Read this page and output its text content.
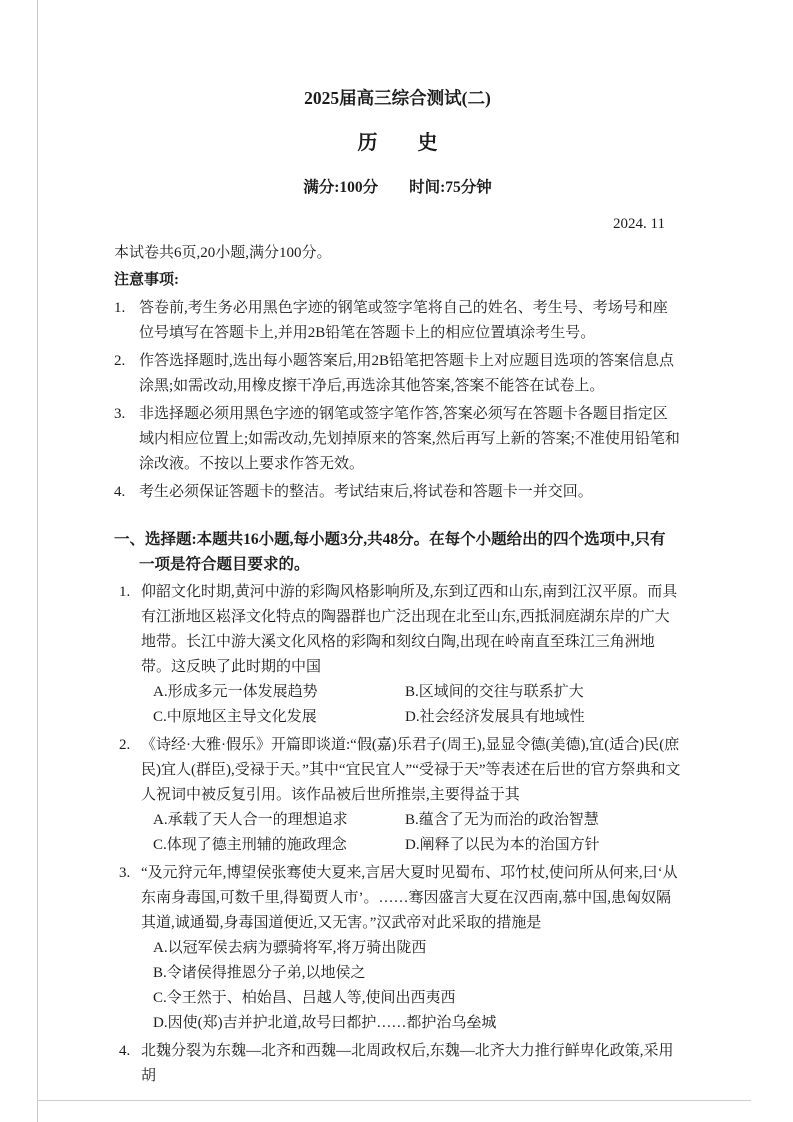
2025届高三综合测试(二)
历　　史
满分:100分　　时间:75分钟
2024. 11

本试卷共6页,20小题,满分100分。

注意事项:
1. 答卷前,考生务必用黑色字迹的钢笔或签字笔将自己的姓名、考生号、考场号和座位号填写在答题卡上,并用2B铅笔在答题卡上的相应位置填涂考生号。
2. 作答选择题时,选出每小题答案后,用2B铅笔把答题卡上对应题目选项的答案信息点涂黑;如需改动,用橡皮擦干净后,再选涂其他答案,答案不能答在试卷上。
3. 非选择题必须用黑色字迹的钢笔或签字笔作答,答案必须写在答题卡各题目指定区域内相应位置上;如需改动,先划掉原来的答案,然后再写上新的答案;不准使用铅笔和涂改液。不按以上要求作答无效。
4. 考生必须保证答题卡的整洁。考试结束后,将试卷和答题卡一并交回。
一、选择题:本题共16小题,每小题3分,共48分。在每个小题给出的四个选项中,只有一项是符合题目要求的。
1. 仰韶文化时期,黄河中游的彩陶风格影响所及,东到辽西和山东,南到江汉平原。而具有江浙地区崧泽文化特点的陶器群也广泛出现在北至山东,西抵洞庭湖东岸的广大地带。长江中游大溪文化风格的彩陶和刻纹白陶,出现在岭南直至珠江三角洲地带。这反映了此时期的中国
A.形成多元一体发展趋势	B.区域间的交往与联系扩大
C.中原地区主导文化发展	D.社会经济发展具有地域性
2. 《诗经·大雅·假乐》开篇即谈道:“假(嘉)乐君子(周王),显显令德(美德),宜(适合)民(庶民)宜人(群臣),受禄于天。”其中“宜民宜人”“受禄于天”等表述在后世的官方祭典和文人祝词中被反复引用。该作品被后世所推崇,主要得益于其
A.承载了天人合一的理想追求	B.蕴含了无为而治的政治智慧
C.体现了德主刑辅的施政理念	D.阐释了以民为本的治国方针
3. “及元狩元年,博望侯张骞使大夏来,言居大夏时见蜀布、邛竹杖,使问所从何来,曰‘从东南身毒国,可数千里,得蜀贾人市’。……骞因盛言大夏在汉西南,慕中国,患匈奴隔其道,诚通蜀,身毒国道便近,又无害。”汉武帝对此采取的措施是
A.以冠军侯去病为骠骑将军,将万骑出陇西
B.令诸侯得推恩分子弟,以地侯之
C.令王然于、柏始昌、吕越人等,使间出西夷西
D.因使(郑)吉并护北道,故号曰都护……都护治乌垒城
4. 北魏分裂为东魏—北齐和西魏—北周政权后,东魏—北齐大力推行鲜卑化政策,采用胡
